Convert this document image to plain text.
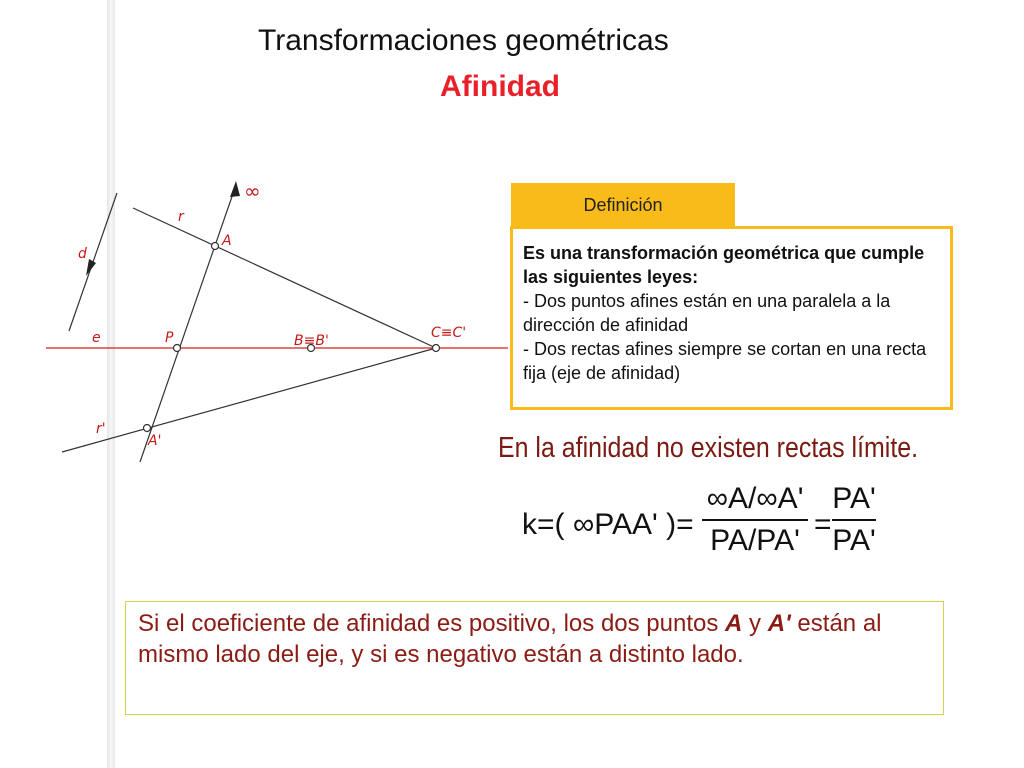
Transformaciones geométricas
Afinidad
∞
r
A
d
e	P	B≡B'	C≡C'
r'
A'
Definición
Es una transformación geométrica que cumple las siguientes leyes:
- Dos puntos afines están en una paralela a la dirección de afinidad
- Dos rectas afines siempre se cortan en una recta fija (eje de afinidad)
En la afinidad no existen rectas límite.
k=( ∞PAA' )=
∞A/∞A'
PA/PA' =
PA'
PA'
Si el coeficiente de afinidad es positivo, los dos puntos A y A' están al mismo lado del eje, y si es negativo están a distinto lado.
